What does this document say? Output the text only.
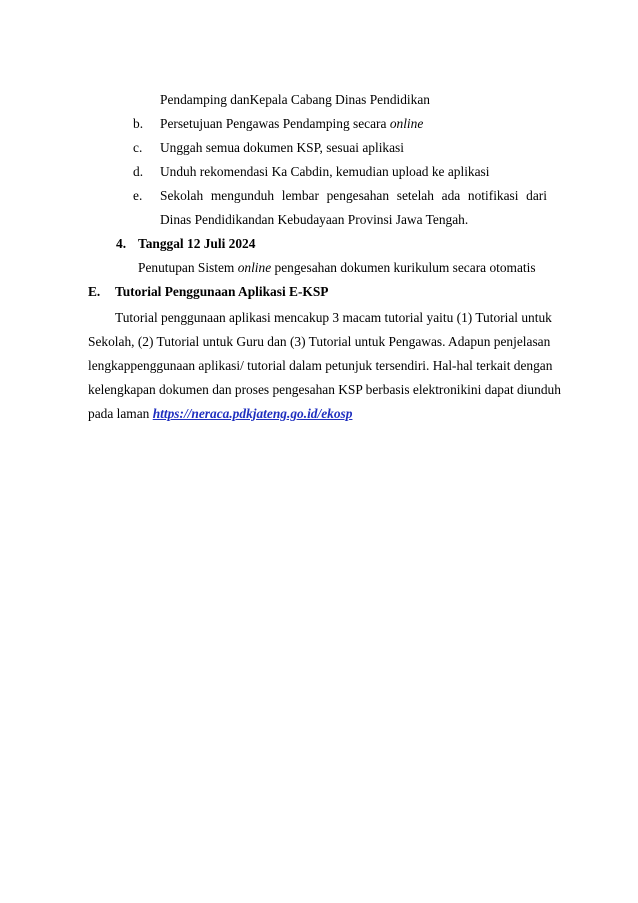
Pendamping danKepala Cabang Dinas Pendidikan
b. Persetujuan Pengawas Pendamping secara online
c. Unggah semua dokumen KSP, sesuai aplikasi
d. Unduh rekomendasi Ka Cabdin, kemudian upload ke aplikasi
e. Sekolah mengunduh lembar pengesahan setelah ada notifikasi dari
Dinas Pendidikandan Kebudayaan Provinsi Jawa Tengah.
4. Tanggal 12 Juli 2024
Penutupan Sistem online pengesahan dokumen kurikulum secara otomatis
E. Tutorial Penggunaan Aplikasi E-KSP
Tutorial penggunaan aplikasi mencakup 3 macam tutorial yaitu (1) Tutorial untuk
Sekolah, (2) Tutorial untuk Guru dan (3) Tutorial untuk Pengawas. Adapun penjelasan
lengkappenggunaan aplikasi/ tutorial dalam petunjuk tersendiri. Hal-hal terkait dengan
kelengkapan dokumen dan proses pengesahan KSP berbasis elektronikini dapat diunduh
pada laman https://neraca.pdkjateng.go.id/ekosp
